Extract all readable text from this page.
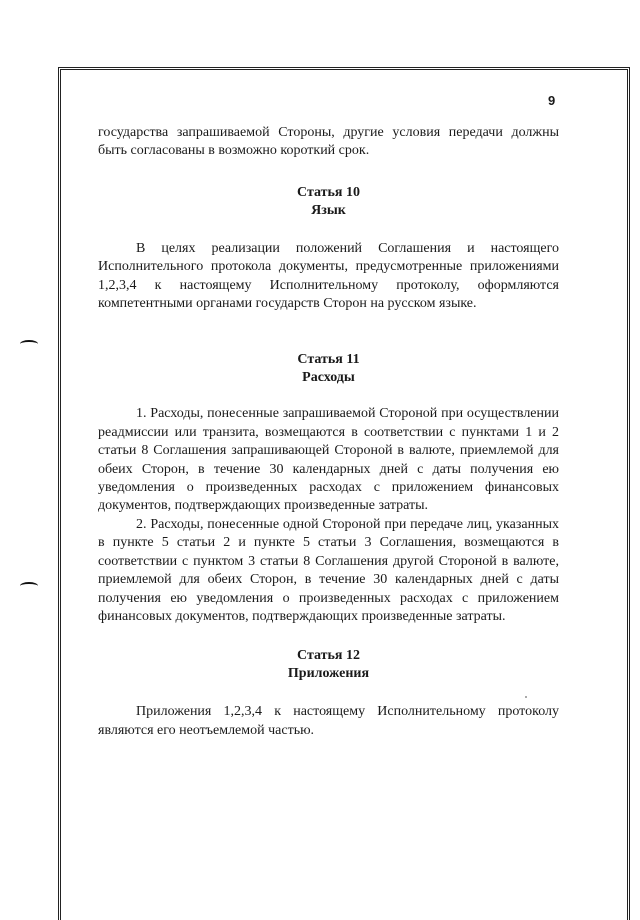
9

государства запрашиваемой Стороны, другие условия передачи должны быть согласованы в возможно короткий срок.

Статья 10
Язык

В целях реализации положений Соглашения и настоящего Исполнительного протокола документы, предусмотренные приложениями 1,2,3,4 к настоящему Исполнительному протоколу, оформляются компетентными органами государств Сторон на русском языке.

Статья 11
Расходы

1. Расходы, понесенные запрашиваемой Стороной при осуществлении реадмиссии или транзита, возмещаются в соответствии с пунктами 1 и 2 статьи 8 Соглашения запрашивающей Стороной в валюте, приемлемой для обеих Сторон, в течение 30 календарных дней с даты получения ею уведомления о произведенных расходах с приложением финансовых документов, подтверждающих произведенные затраты.

2. Расходы, понесенные одной Стороной при передаче лиц, указанных в пункте 5 статьи 2 и пункте 5 статьи 3 Соглашения, возмещаются в соответствии с пунктом 3 статьи 8 Соглашения другой Стороной в валюте, приемлемой для обеих Сторон, в течение 30 календарных дней с даты получения ею уведомления о произведенных расходах с приложением финансовых документов, подтверждающих произведенные затраты.

Статья 12
Приложения

Приложения 1,2,3,4 к настоящему Исполнительному протоколу являются его неотъемлемой частью.
